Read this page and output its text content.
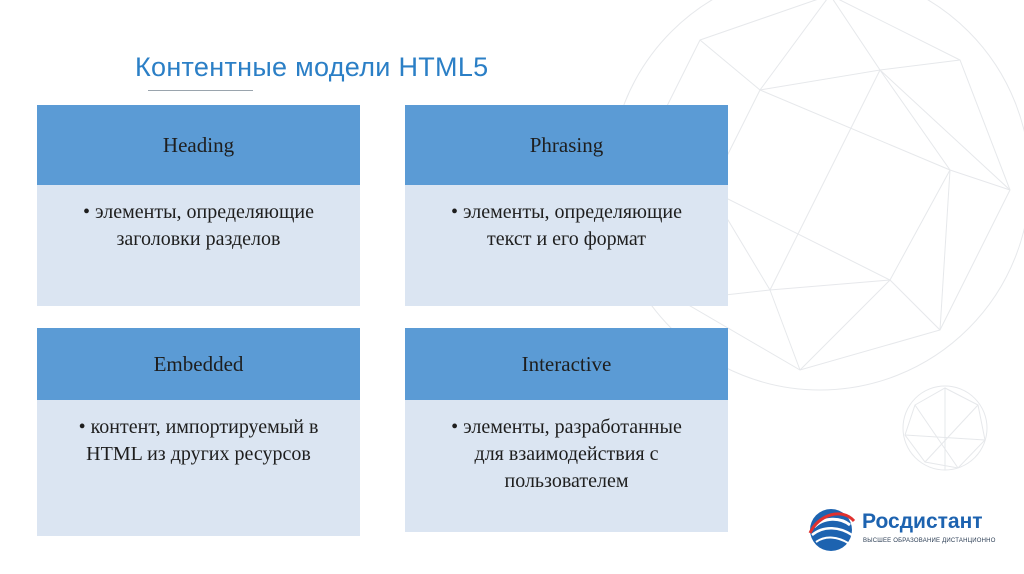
Контентные модели HTML5
Heading
• элементы, определяющие заголовки разделов
Phrasing
• элементы, определяющие текст и его формат
Embedded
• контент, импортируемый в HTML из других ресурсов
Interactive
• элементы, разработанные для взаимодействия с пользователем
Росдистант
ВЫСШЕЕ ОБРАЗОВАНИЕ ДИСТАНЦИОННО
